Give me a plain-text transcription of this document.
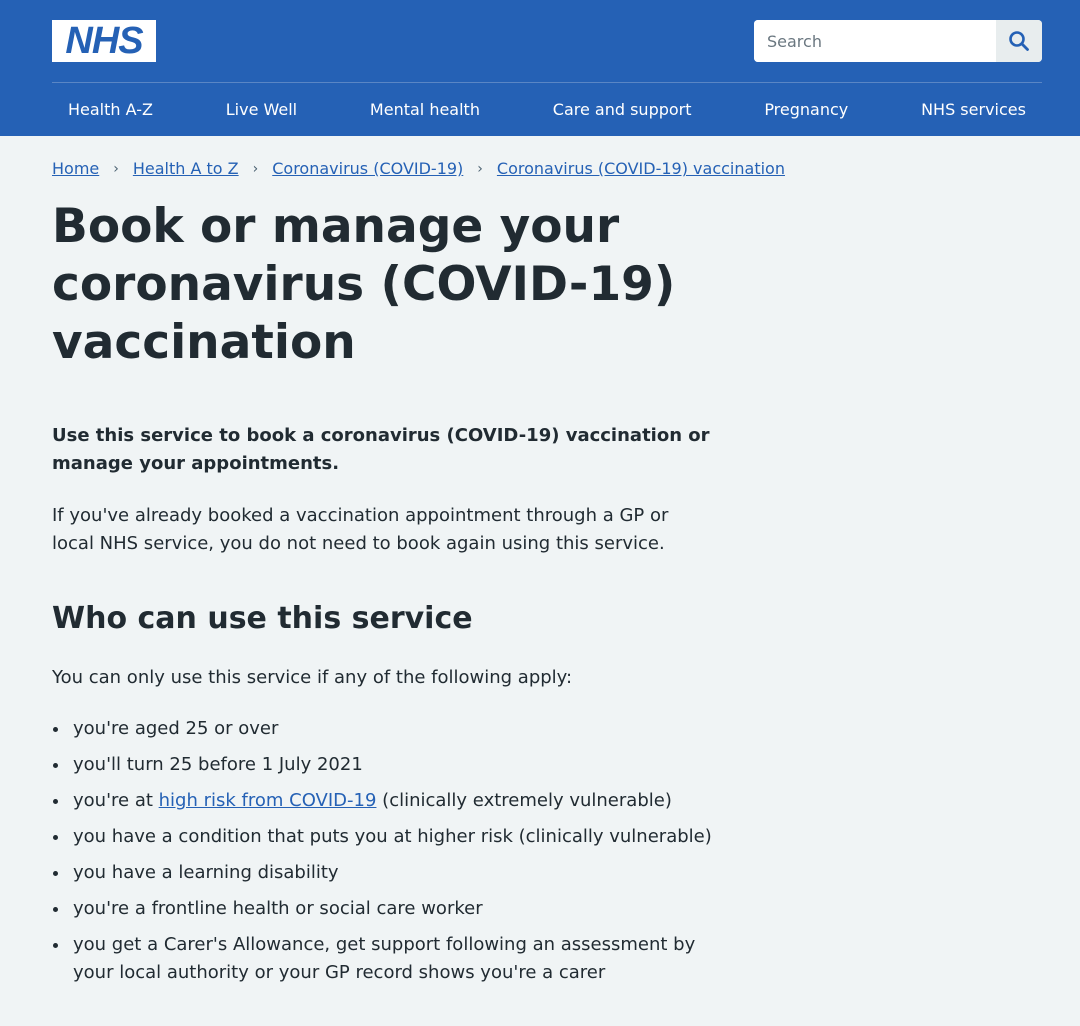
NHS
Search
Health A-Z	Live Well	Mental health	Care and support	Pregnancy	NHS services
Home › Health A to Z › Coronavirus (COVID-19) › Coronavirus (COVID-19) vaccination
Book or manage your coronavirus (COVID-19) vaccination

Use this service to book a coronavirus (COVID-19) vaccination or manage your appointments.

If you've already booked a vaccination appointment through a GP or local NHS service, you do not need to book again using this service.

Who can use this service

You can only use this service if any of the following apply:

you're aged 25 or over
you'll turn 25 before 1 July 2021
you're at high risk from COVID-19 (clinically extremely vulnerable)
you have a condition that puts you at higher risk (clinically vulnerable)
you have a learning disability
you're a frontline health or social care worker
you get a Carer's Allowance, get support following an assessment by your local authority or your GP record shows you're a carer
